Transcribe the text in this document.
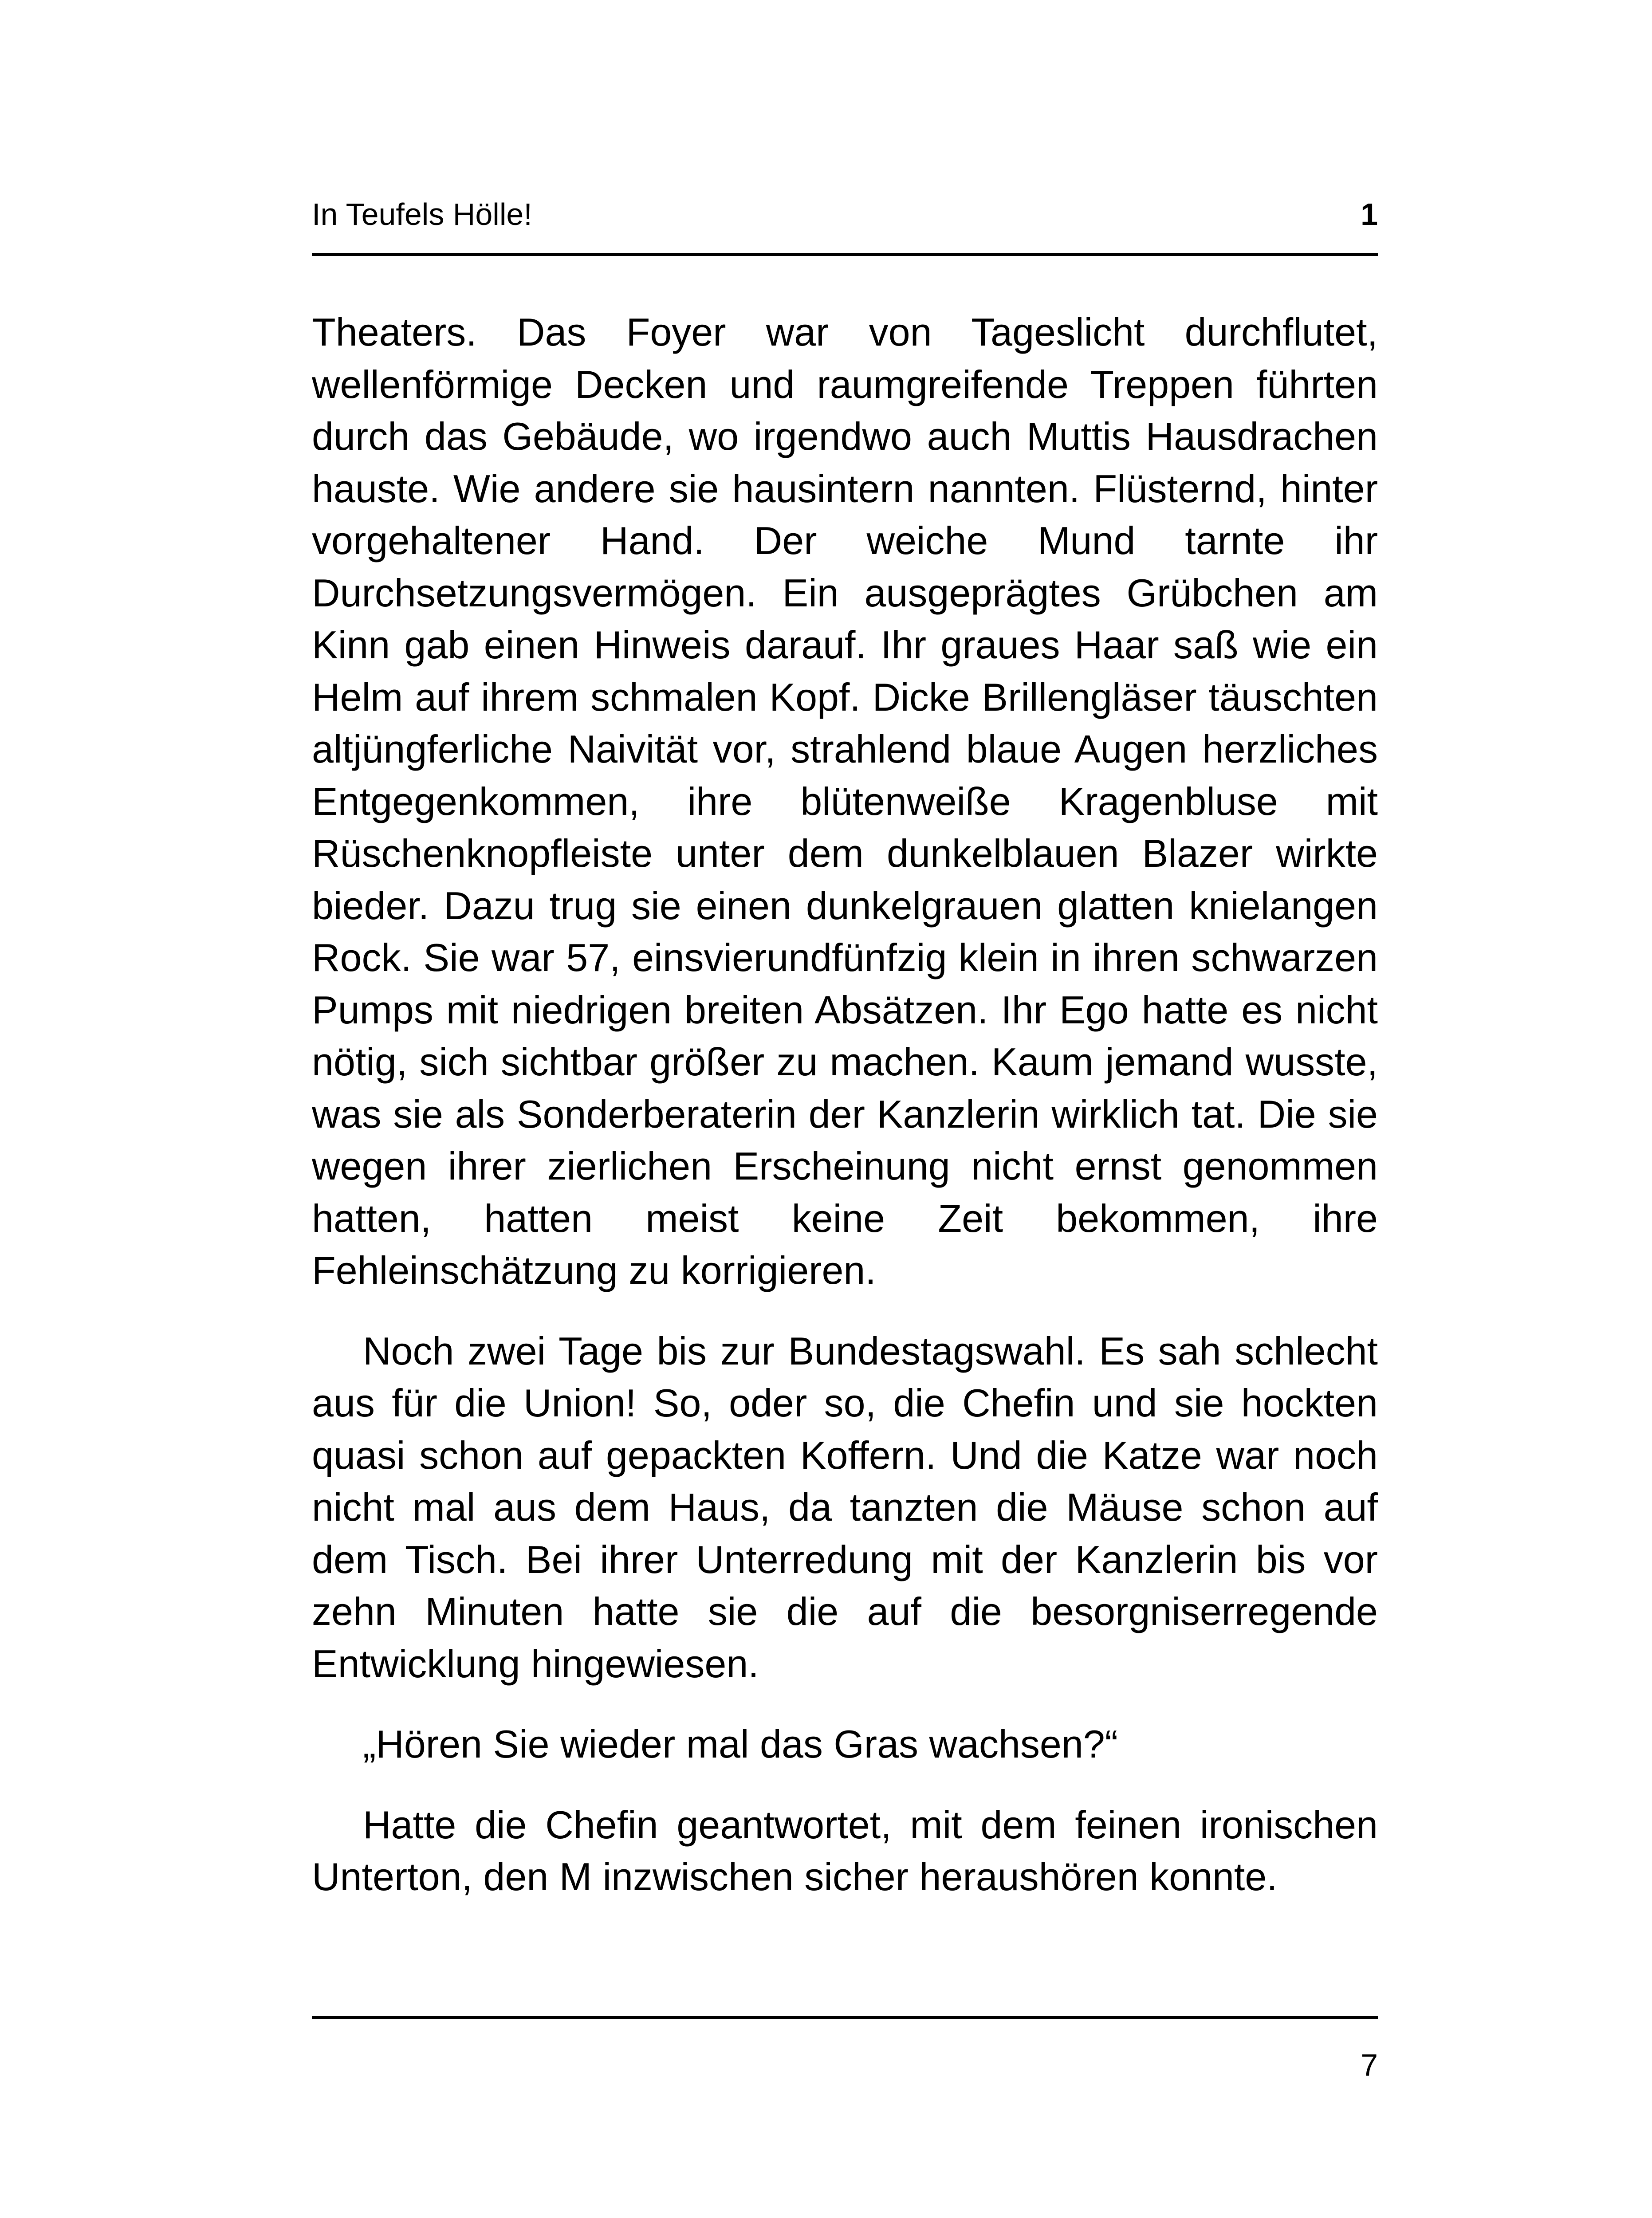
In Teufels Hölle!	1

Theaters. Das Foyer war von Tageslicht durchflutet, wellenförmige Decken und raumgreifende Treppen führten durch das Gebäude, wo irgendwo auch Muttis Hausdrachen hauste. Wie andere sie hausintern nannten. Flüsternd, hinter vorgehaltener Hand. Der weiche Mund tarnte ihr Durchsetzungsvermögen. Ein ausgeprägtes Grübchen am Kinn gab einen Hinweis darauf. Ihr graues Haar saß wie ein Helm auf ihrem schmalen Kopf. Dicke Brillengläser täuschten altjüngferliche Naivität vor, strahlend blaue Augen herzliches Entgegenkommen, ihre blütenweiße Kragenbluse mit Rüschenknopfleiste unter dem dunkelblauen Blazer wirkte bieder. Dazu trug sie einen dunkelgrauen glatten knielangen Rock. Sie war 57, einsvierundfünfzig klein in ihren schwarzen Pumps mit niedrigen breiten Absätzen. Ihr Ego hatte es nicht nötig, sich sichtbar größer zu machen. Kaum jemand wusste, was sie als Sonderberaterin der Kanzlerin wirklich tat. Die sie wegen ihrer zierlichen Erscheinung nicht ernst genommen hatten, hatten meist keine Zeit bekommen, ihre Fehleinschätzung zu korrigieren.

Noch zwei Tage bis zur Bundestagswahl. Es sah schlecht aus für die Union! So, oder so, die Chefin und sie hockten quasi schon auf gepackten Koffern. Und die Katze war noch nicht mal aus dem Haus, da tanzten die Mäuse schon auf dem Tisch. Bei ihrer Unterredung mit der Kanzlerin bis vor zehn Minuten hatte sie die auf die besorgniserregende Entwicklung hingewiesen.

„Hören Sie wieder mal das Gras wachsen?“

Hatte die Chefin geantwortet, mit dem feinen ironischen Unterton, den M inzwischen sicher heraushören konnte.

7
